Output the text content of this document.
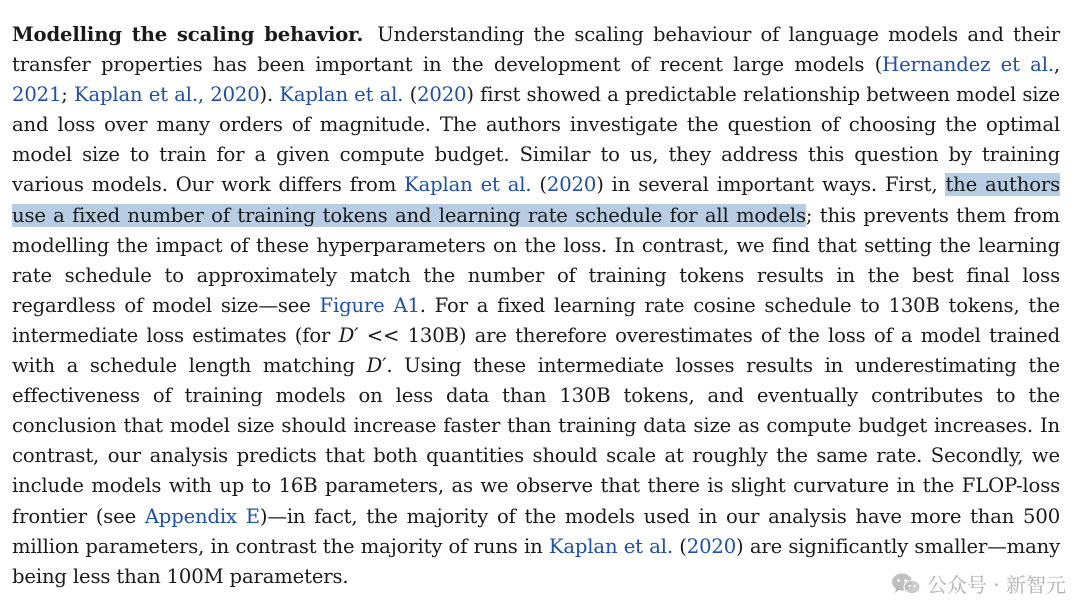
Modelling the scaling behavior. Understanding the scaling behaviour of language models and their transfer properties has been important in the development of recent large models (Hernandez et al., 2021; Kaplan et al., 2020). Kaplan et al. (2020) first showed a predictable relationship between model size and loss over many orders of magnitude. The authors investigate the question of choosing the optimal model size to train for a given compute budget. Similar to us, they address this question by training various models. Our work differs from Kaplan et al. (2020) in several important ways. First, the authors use a fixed number of training tokens and learning rate schedule for all models; this prevents them from modelling the impact of these hyperparameters on the loss. In contrast, we find that setting the learning rate schedule to approximately match the number of training tokens results in the best final loss regardless of model size—see Figure A1. For a fixed learning rate cosine schedule to 130B tokens, the intermediate loss estimates (for D′ << 130B) are therefore overestimates of the loss of a model trained with a schedule length matching D′. Using these intermediate losses results in underestimating the effectiveness of training models on less data than 130B tokens, and eventually contributes to the conclusion that model size should increase faster than training data size as compute budget increases. In contrast, our analysis predicts that both quantities should scale at roughly the same rate. Secondly, we include models with up to 16B parameters, as we observe that there is slight curvature in the FLOP-loss frontier (see Appendix E)—in fact, the majority of the models used in our analysis have more than 500 million parameters, in contrast the majority of runs in Kaplan et al. (2020) are significantly smaller—many being less than 100M parameters.	公众号 · 新智元
